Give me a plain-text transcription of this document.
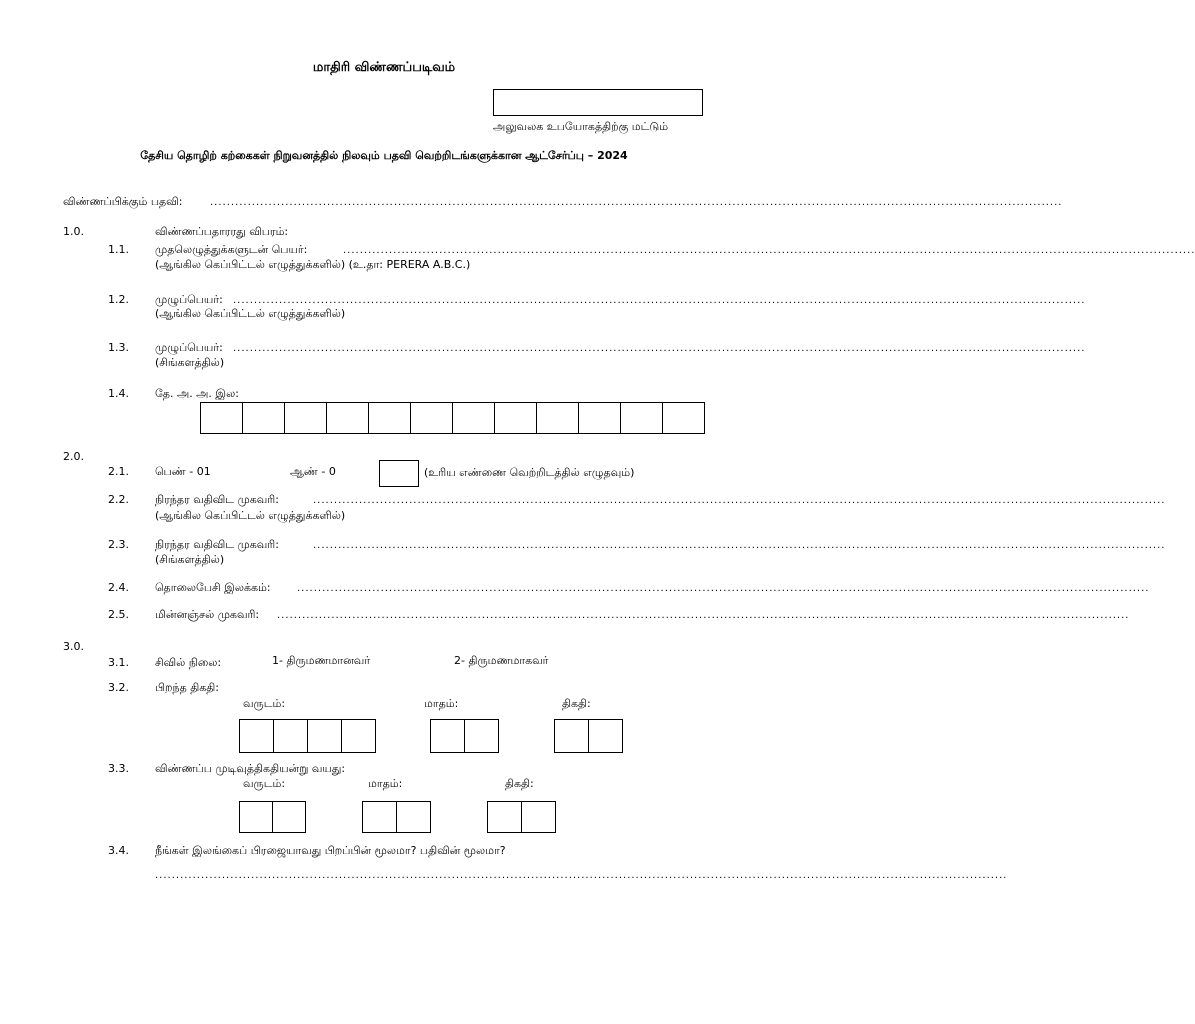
மாதிரி விண்ணப்படிவம்
அலுவலக உபயோகத்திற்கு மட்டும்
தேசிய தொழிற் கற்கைகள் நிறுவனத்தில் நிலவும் பதவி வெற்றிடங்களுக்கான ஆட்சேர்ப்பு – 2024
விண்ணப்பிக்கும் பதவி:	............................................................................................................................................................................................................
1.0.	விண்ணப்பதாரரது விபரம்:
1.1. முதலெழுத்துக்களுடன் பெயர்:	............................................................................................................................................................................................................
(ஆங்கில கெப்பிட்டல் எழுத்துக்களில்) (உ.தா: PERERA A.B.C.)
1.2. முழுப்பெயர்: ............................................................................................................................................................................................................
(ஆங்கில கெப்பிட்டல் எழுத்துக்களில்)
1.3. முழுப்பெயர்: ............................................................................................................................................................................................................
(சிங்களத்தில்)
1.4. தே. அ. அ. இல:
2.0.
2.1. பெண் - 01	ஆண் - 0	(உரிய எண்ணை வெற்றிடத்தில் எழுதவும்)
2.2. நிரந்தர வதிவிட முகவரி:	............................................................................................................................................................................................................
(ஆங்கில கெப்பிட்டல் எழுத்துக்களில்)
2.3. நிரந்தர வதிவிட முகவரி:	............................................................................................................................................................................................................
(சிங்களத்தில்)
2.4. தொலைபேசி இலக்கம்:	............................................................................................................................................................................................................
2.5. மின்னஞ்சல் முகவரி: ............................................................................................................................................................................................................
3.0.
3.1. சிவில் நிலை:	1- திருமணமானவர்	2- திருமணமாகவர்
3.2. பிறந்த திகதி:
வருடம்:	மாதம்:	திகதி:
3.3. விண்ணப்ப முடிவுத்திகதியன்று வயது:
வருடம்:	மாதம்:	திகதி:
3.4. நீங்கள் இலங்கைப் பிரஜையாவது பிறப்பின் மூலமா? பதிவின் மூலமா?
............................................................................................................................................................................................................
